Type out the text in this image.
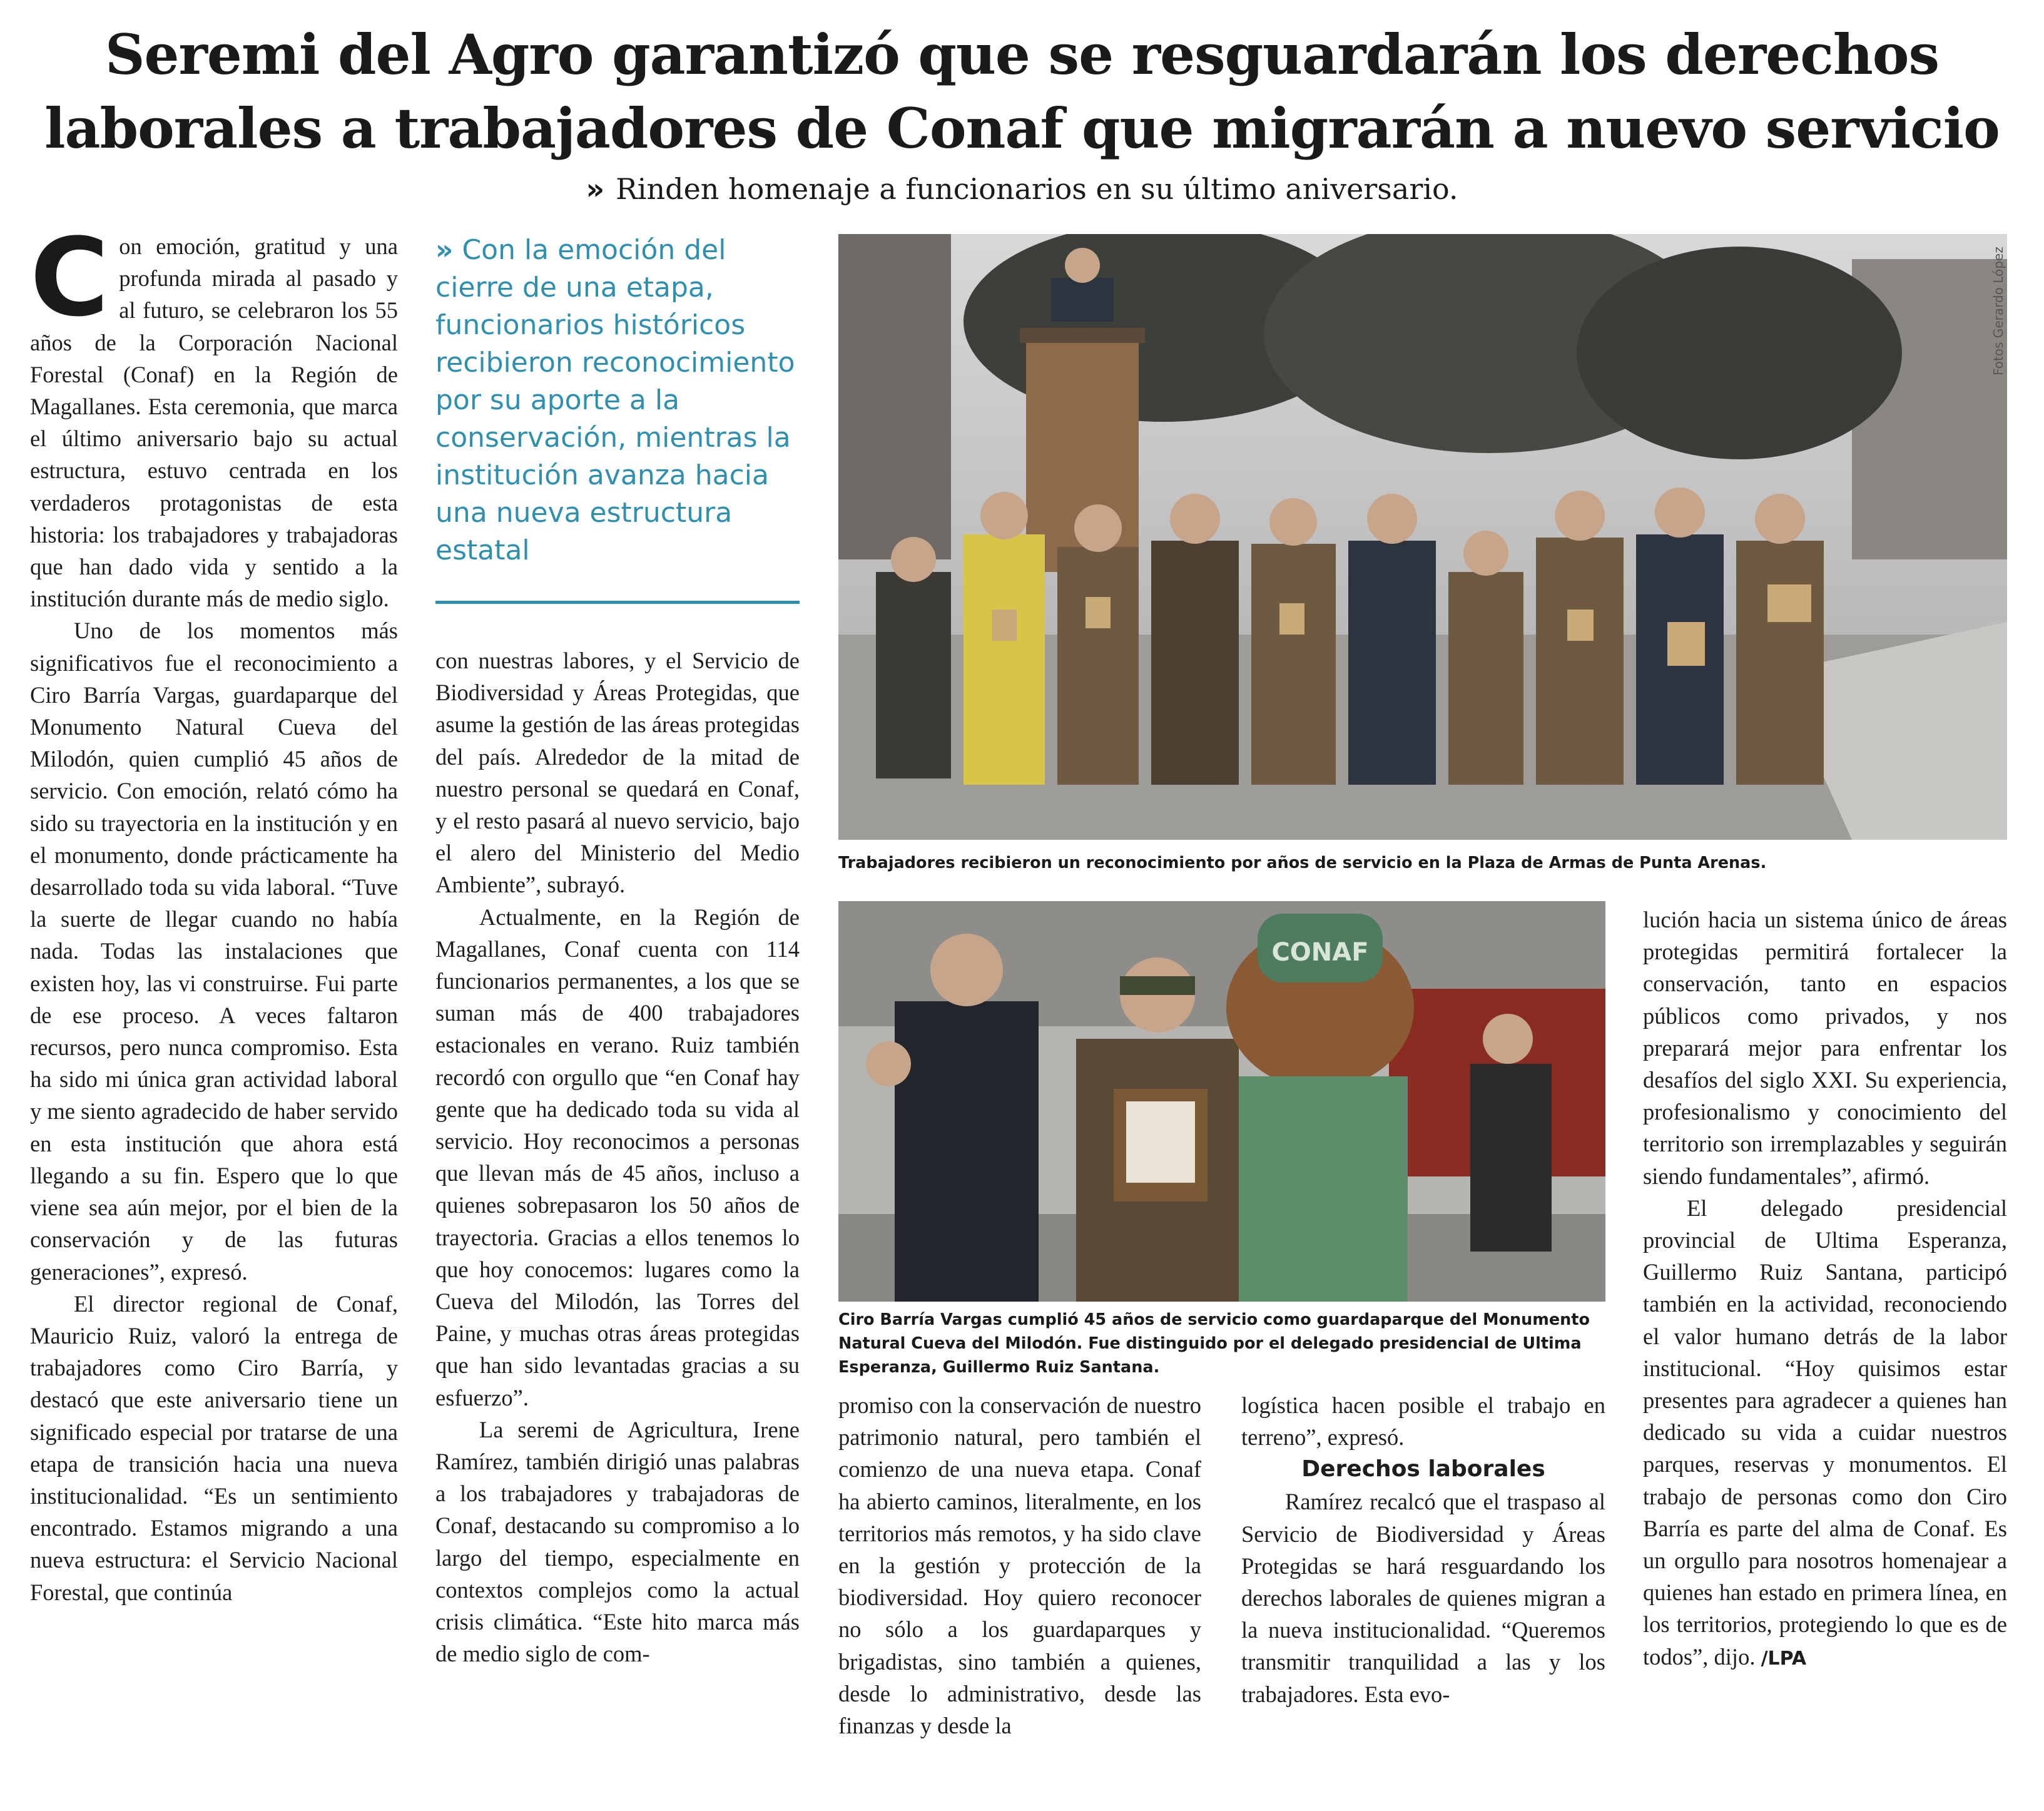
Seremi del Agro garantizó que se resguardarán los derechos
laborales a trabajadores de Conaf que migrarán a nuevo servicio
» Rinden homenaje a funcionarios en su último aniversario.

Con emoción, gratitud y una profunda mirada al pasado y al futuro, se celebraron los 55 años de la Corporación Nacional Forestal (Conaf) en la Región de Magallanes. Esta ceremonia, que marca el último aniversario bajo su actual estructura, estuvo centrada en los verdaderos protagonistas de esta historia: los trabajadores y trabajadoras que han dado vida y sentido a la institución durante más de medio siglo.

Uno de los momentos más significativos fue el reconocimiento a Ciro Barría Vargas, guardaparque del Monumento Natural Cueva del Milodón, quien cumplió 45 años de servicio. Con emoción, relató cómo ha sido su trayectoria en la institución y en el monumento, donde prácticamente ha desarrollado toda su vida laboral. “Tuve la suerte de llegar cuando no había nada. Todas las instalaciones que existen hoy, las vi construirse. Fui parte de ese proceso. A veces faltaron recursos, pero nunca compromiso. Esta ha sido mi única gran actividad laboral y me siento agradecido de haber servido en esta institución que ahora está llegando a su fin. Espero que lo que viene sea aún mejor, por el bien de la conservación y de las futuras generaciones”, expresó.

El director regional de Conaf, Mauricio Ruiz, valoró la entrega de trabajadores como Ciro Barría, y destacó que este aniversario tiene un significado especial por tratarse de una etapa de transición hacia una nueva institucionalidad. “Es un sentimiento encontrado. Estamos migrando a una nueva estructura: el Servicio Nacional Forestal, que continúa

» Con la emoción del cierre de una etapa, funcionarios históricos recibieron reconocimiento por su aporte a la conservación, mientras la institución avanza hacia una nueva estructura estatal

con nuestras labores, y el Servicio de Biodiversidad y Áreas Protegidas, que asume la gestión de las áreas protegidas del país. Alrededor de la mitad de nuestro personal se quedará en Conaf, y el resto pasará al nuevo servicio, bajo el alero del Ministerio del Medio Ambiente”, subrayó.

Actualmente, en la Región de Magallanes, Conaf cuenta con 114 funcionarios permanentes, a los que se suman más de 400 trabajadores estacionales en verano. Ruiz también recordó con orgullo que “en Conaf hay gente que ha dedicado toda su vida al servicio. Hoy reconocimos a personas que llevan más de 45 años, incluso a quienes sobrepasaron los 50 años de trayectoria. Gracias a ellos tenemos lo que hoy conocemos: lugares como la Cueva del Milodón, las Torres del Paine, y muchas otras áreas protegidas que han sido levantadas gracias a su esfuerzo”.

La seremi de Agricultura, Irene Ramírez, también dirigió unas palabras a los trabajadores y trabajadoras de Conaf, destacando su compromiso a lo largo del tiempo, especialmente en contextos complejos como la actual crisis climática. “Este hito marca más de medio siglo de com-

Fotos Gerardo López
Trabajadores recibieron un reconocimiento por años de servicio en la Plaza de Armas de Punta Arenas.
CONAF
Ciro Barría Vargas cumplió 45 años de servicio como guardaparque del Monumento Natural Cueva del Milodón. Fue distinguido por el delegado presidencial de Ultima Esperanza, Guillermo Ruiz Santana.

promiso con la conservación de nuestro patrimonio natural, pero también el comienzo de una nueva etapa. Conaf ha abierto caminos, literalmente, en los territorios más remotos, y ha sido clave en la gestión y protección de la biodiversidad. Hoy quiero reconocer no sólo a los guardaparques y brigadistas, sino también a quienes, desde lo administrativo, desde las finanzas y desde la

logística hacen posible el trabajo en terreno”, expresó.

Derechos laborales

Ramírez recalcó que el traspaso al Servicio de Biodiversidad y Áreas Protegidas se hará resguardando los derechos laborales de quienes migran a la nueva institucionalidad. “Queremos transmitir tranquilidad a las y los trabajadores. Esta evo-

lución hacia un sistema único de áreas protegidas permitirá fortalecer la conservación, tanto en espacios públicos como privados, y nos preparará mejor para enfrentar los desafíos del siglo XXI. Su experiencia, profesionalismo y conocimiento del territorio son irremplazables y seguirán siendo fundamentales”, afirmó.

El delegado presidencial provincial de Ultima Esperanza, Guillermo Ruiz Santana, participó también en la actividad, reconociendo el valor humano detrás de la labor institucional. “Hoy quisimos estar presentes para agradecer a quienes han dedicado su vida a cuidar nuestros parques, reservas y monumentos. El trabajo de personas como don Ciro Barría es parte del alma de Conaf. Es un orgullo para nosotros homenajear a quienes han estado en primera línea, en los territorios, protegiendo lo que es de todos”, dijo. /LPA
